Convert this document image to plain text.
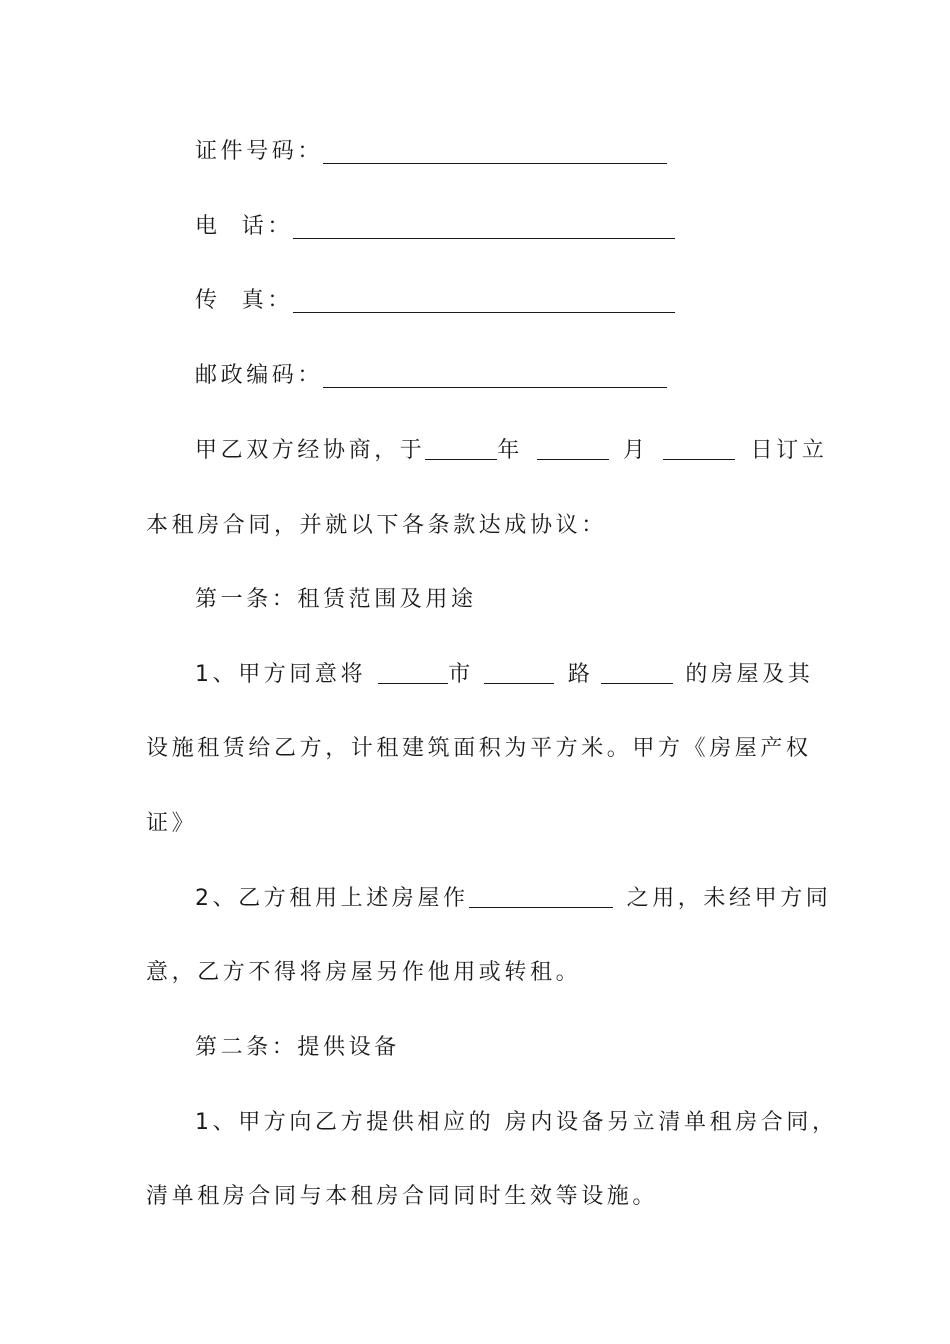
证件号码：
电  话：
传  真：
邮政编码：
甲乙双方经协商，于	年	月	日订立
本租房合同，并就以下各条款达成协议：
第一条：租赁范围及用途
1、甲方同意将	市	路	的房屋及其
设施租赁给乙方，计租建筑面积为平方米。甲方《房屋产权
证》
2、乙方租用上述房屋作	之用，未经甲方同
意，乙方不得将房屋另作他用或转租。
第二条：提供设备
1、甲方向乙方提供相应的 房内设备另立清单租房合同，
清单租房合同与本租房合同同时生效等设施。
